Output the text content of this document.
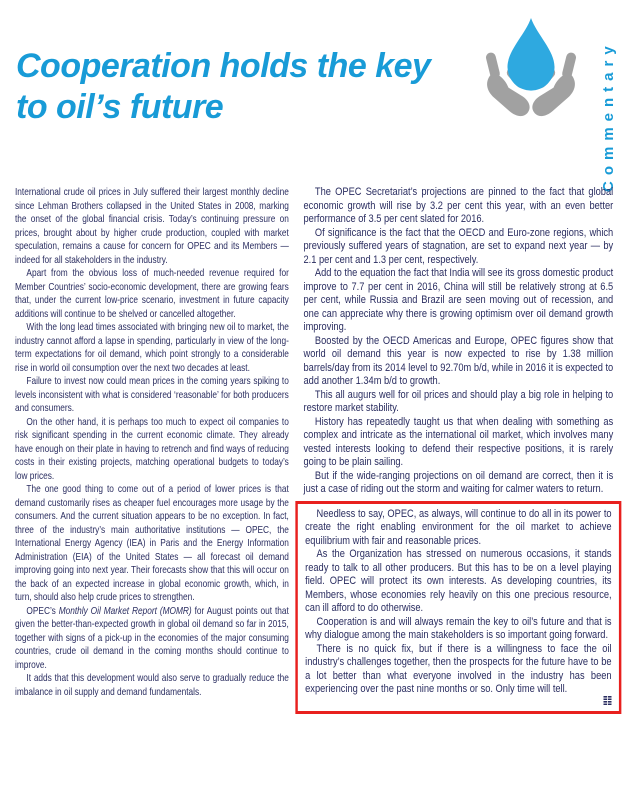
Cooperation holds the key
to oil’s future	Commentary

International crude oil prices in July suffered their largest monthly decline since Lehman Brothers collapsed in the United States in 2008, marking the onset of the global financial crisis. Today’s continuing pressure on prices, brought about by higher crude production, coupled with market speculation, remains a cause for concern for OPEC and its Members — indeed for all stakeholders in the industry.

Apart from the obvious loss of much-needed revenue required for Member Countries’ socio-economic development, there are growing fears that, under the current low-price scenario, investment in future capacity additions will continue to be shelved or cancelled altogether.

With the long lead times associated with bringing new oil to market, the industry cannot afford a lapse in spending, particularly in view of the long-term expectations for oil demand, which point strongly to a considerable rise in world oil consumption over the next two decades at least.

Failure to invest now could mean prices in the coming years spiking to levels inconsistent with what is considered ‘reasonable’ for both producers and consumers.

On the other hand, it is perhaps too much to expect oil companies to risk significant spending in the current economic climate. They already have enough on their plate in having to retrench and find ways of reducing costs in their existing projects, matching operational budgets to today’s low prices.

The one good thing to come out of a period of lower prices is that demand customarily rises as cheaper fuel encourages more usage by the consumers. And the current situation appears to be no exception. In fact, three of the industry’s main authoritative institutions — OPEC, the International Energy Agency (IEA) in Paris and the Energy Information Administration (EIA) of the United States — all forecast oil demand improving going into next year. Their forecasts show that this will occur on the back of an expected increase in global economic growth, which, in turn, should also help crude prices to strengthen.

OPEC’s Monthly Oil Market Report (MOMR) for August points out that given the better-than-expected growth in global oil demand so far in 2015, together with signs of a pick-up in the economies of the major consuming countries, crude oil demand in the coming months should continue to improve.

It adds that this development would also serve to gradually reduce the imbalance in oil supply and demand fundamentals.

The OPEC Secretariat’s projections are pinned to the fact that global economic growth will rise by 3.2 per cent this year, with an even better performance of 3.5 per cent slated for 2016.

Of significance is the fact that the OECD and Euro-zone regions, which previously suffered years of stagnation, are set to expand next year — by 2.1 per cent and 1.3 per cent, respectively.

Add to the equation the fact that India will see its gross domestic product improve to 7.7 per cent in 2016, China will still be relatively strong at 6.5 per cent, while Russia and Brazil are seen moving out of recession, and one can appreciate why there is growing optimism over oil demand growth improving.

Boosted by the OECD Americas and Europe, OPEC figures show that world oil demand this year is now expected to rise by 1.38 million barrels/day from its 2014 level to 92.70m b/d, while in 2016 it is expected to add another 1.34m b/d to growth.

This all augurs well for oil prices and should play a big role in helping to restore market stability.

History has repeatedly taught us that when dealing with something as complex and intricate as the international oil market, which involves many vested interests looking to defend their respective positions, it is rarely going to be plain sailing.

But if the wide-ranging projections on oil demand are correct, then it is just a case of riding out the storm and waiting for calmer waters to return.

Needless to say, OPEC, as always, will continue to do all in its power to create the right enabling environment for the oil market to achieve equilibrium with fair and reasonable prices.

As the Organization has stressed on numerous occasions, it stands ready to talk to all other producers. But this has to be on a level playing field. OPEC will protect its own interests. As developing countries, its Members, whose economies rely heavily on this one precious resource, can ill afford to do otherwise.

Cooperation is and will always remain the key to oil’s future and that is why dialogue among the main stakeholders is so important going forward.

There is no quick fix, but if there is a willingness to face the oil industry’s challenges together, then the prospects for the future have to be a lot better than what everyone involved in the industry has been experiencing over the past nine months or so. Only time will tell.
